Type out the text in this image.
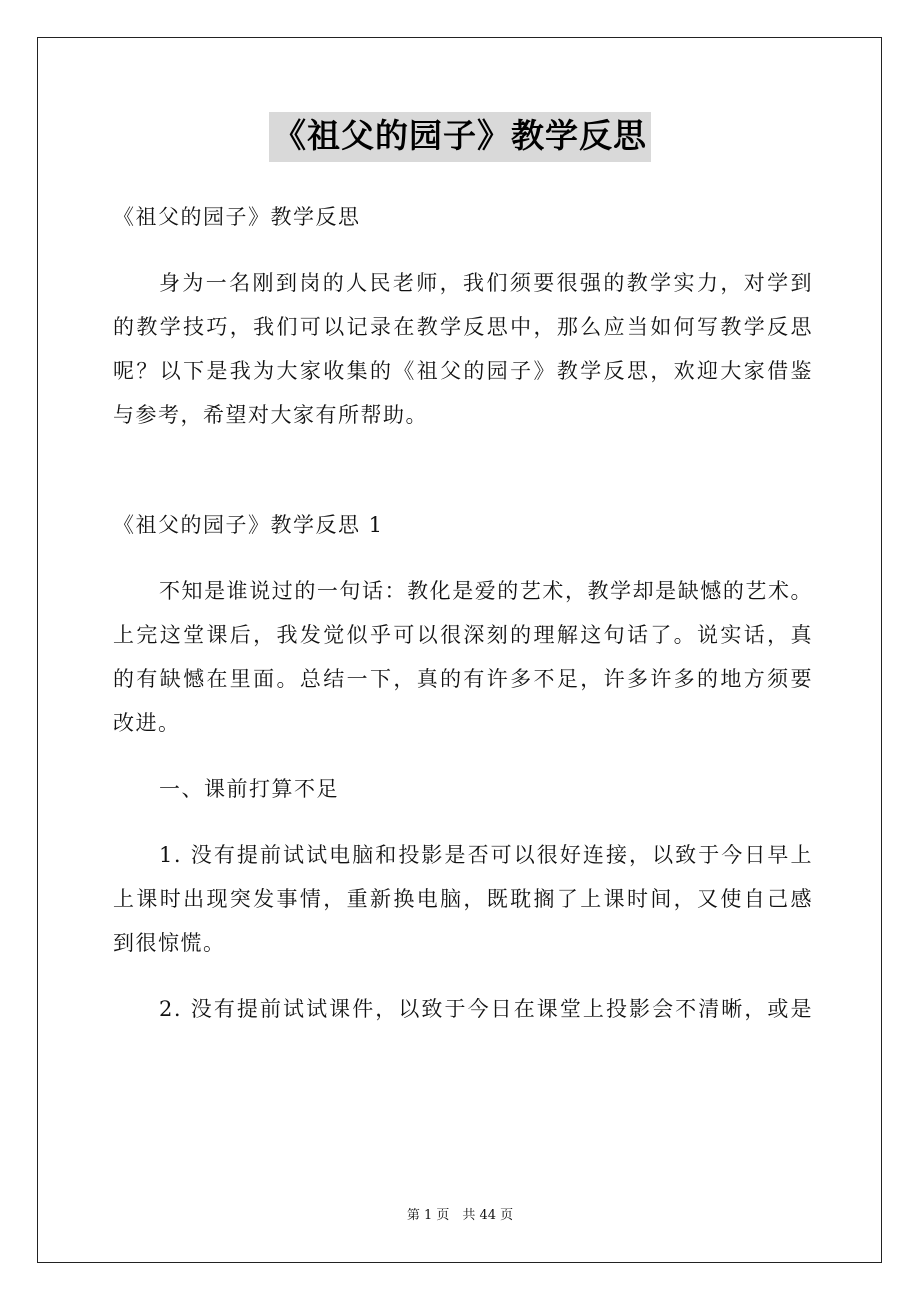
《祖父的园子》教学反思

《祖父的园子》教学反思

身为一名刚到岗的人民老师，我们须要很强的教学实力，对学到

的教学技巧，我们可以记录在教学反思中，那么应当如何写教学反思

呢？以下是我为大家收集的《祖父的园子》教学反思，欢迎大家借鉴

与参考，希望对大家有所帮助。

《祖父的园子》教学反思 1

不知是谁说过的一句话：教化是爱的艺术，教学却是缺憾的艺术。

上完这堂课后，我发觉似乎可以很深刻的理解这句话了。说实话，真

的有缺憾在里面。总结一下，真的有许多不足，许多许多的地方须要

改进。

一、课前打算不足

1. 没有提前试试电脑和投影是否可以很好连接，以致于今日早上

上课时出现突发事情，重新换电脑，既耽搁了上课时间，又使自己感

到很惊慌。

2. 没有提前试试课件，以致于今日在课堂上投影会不清晰，或是

第 1 页　共 44 页
